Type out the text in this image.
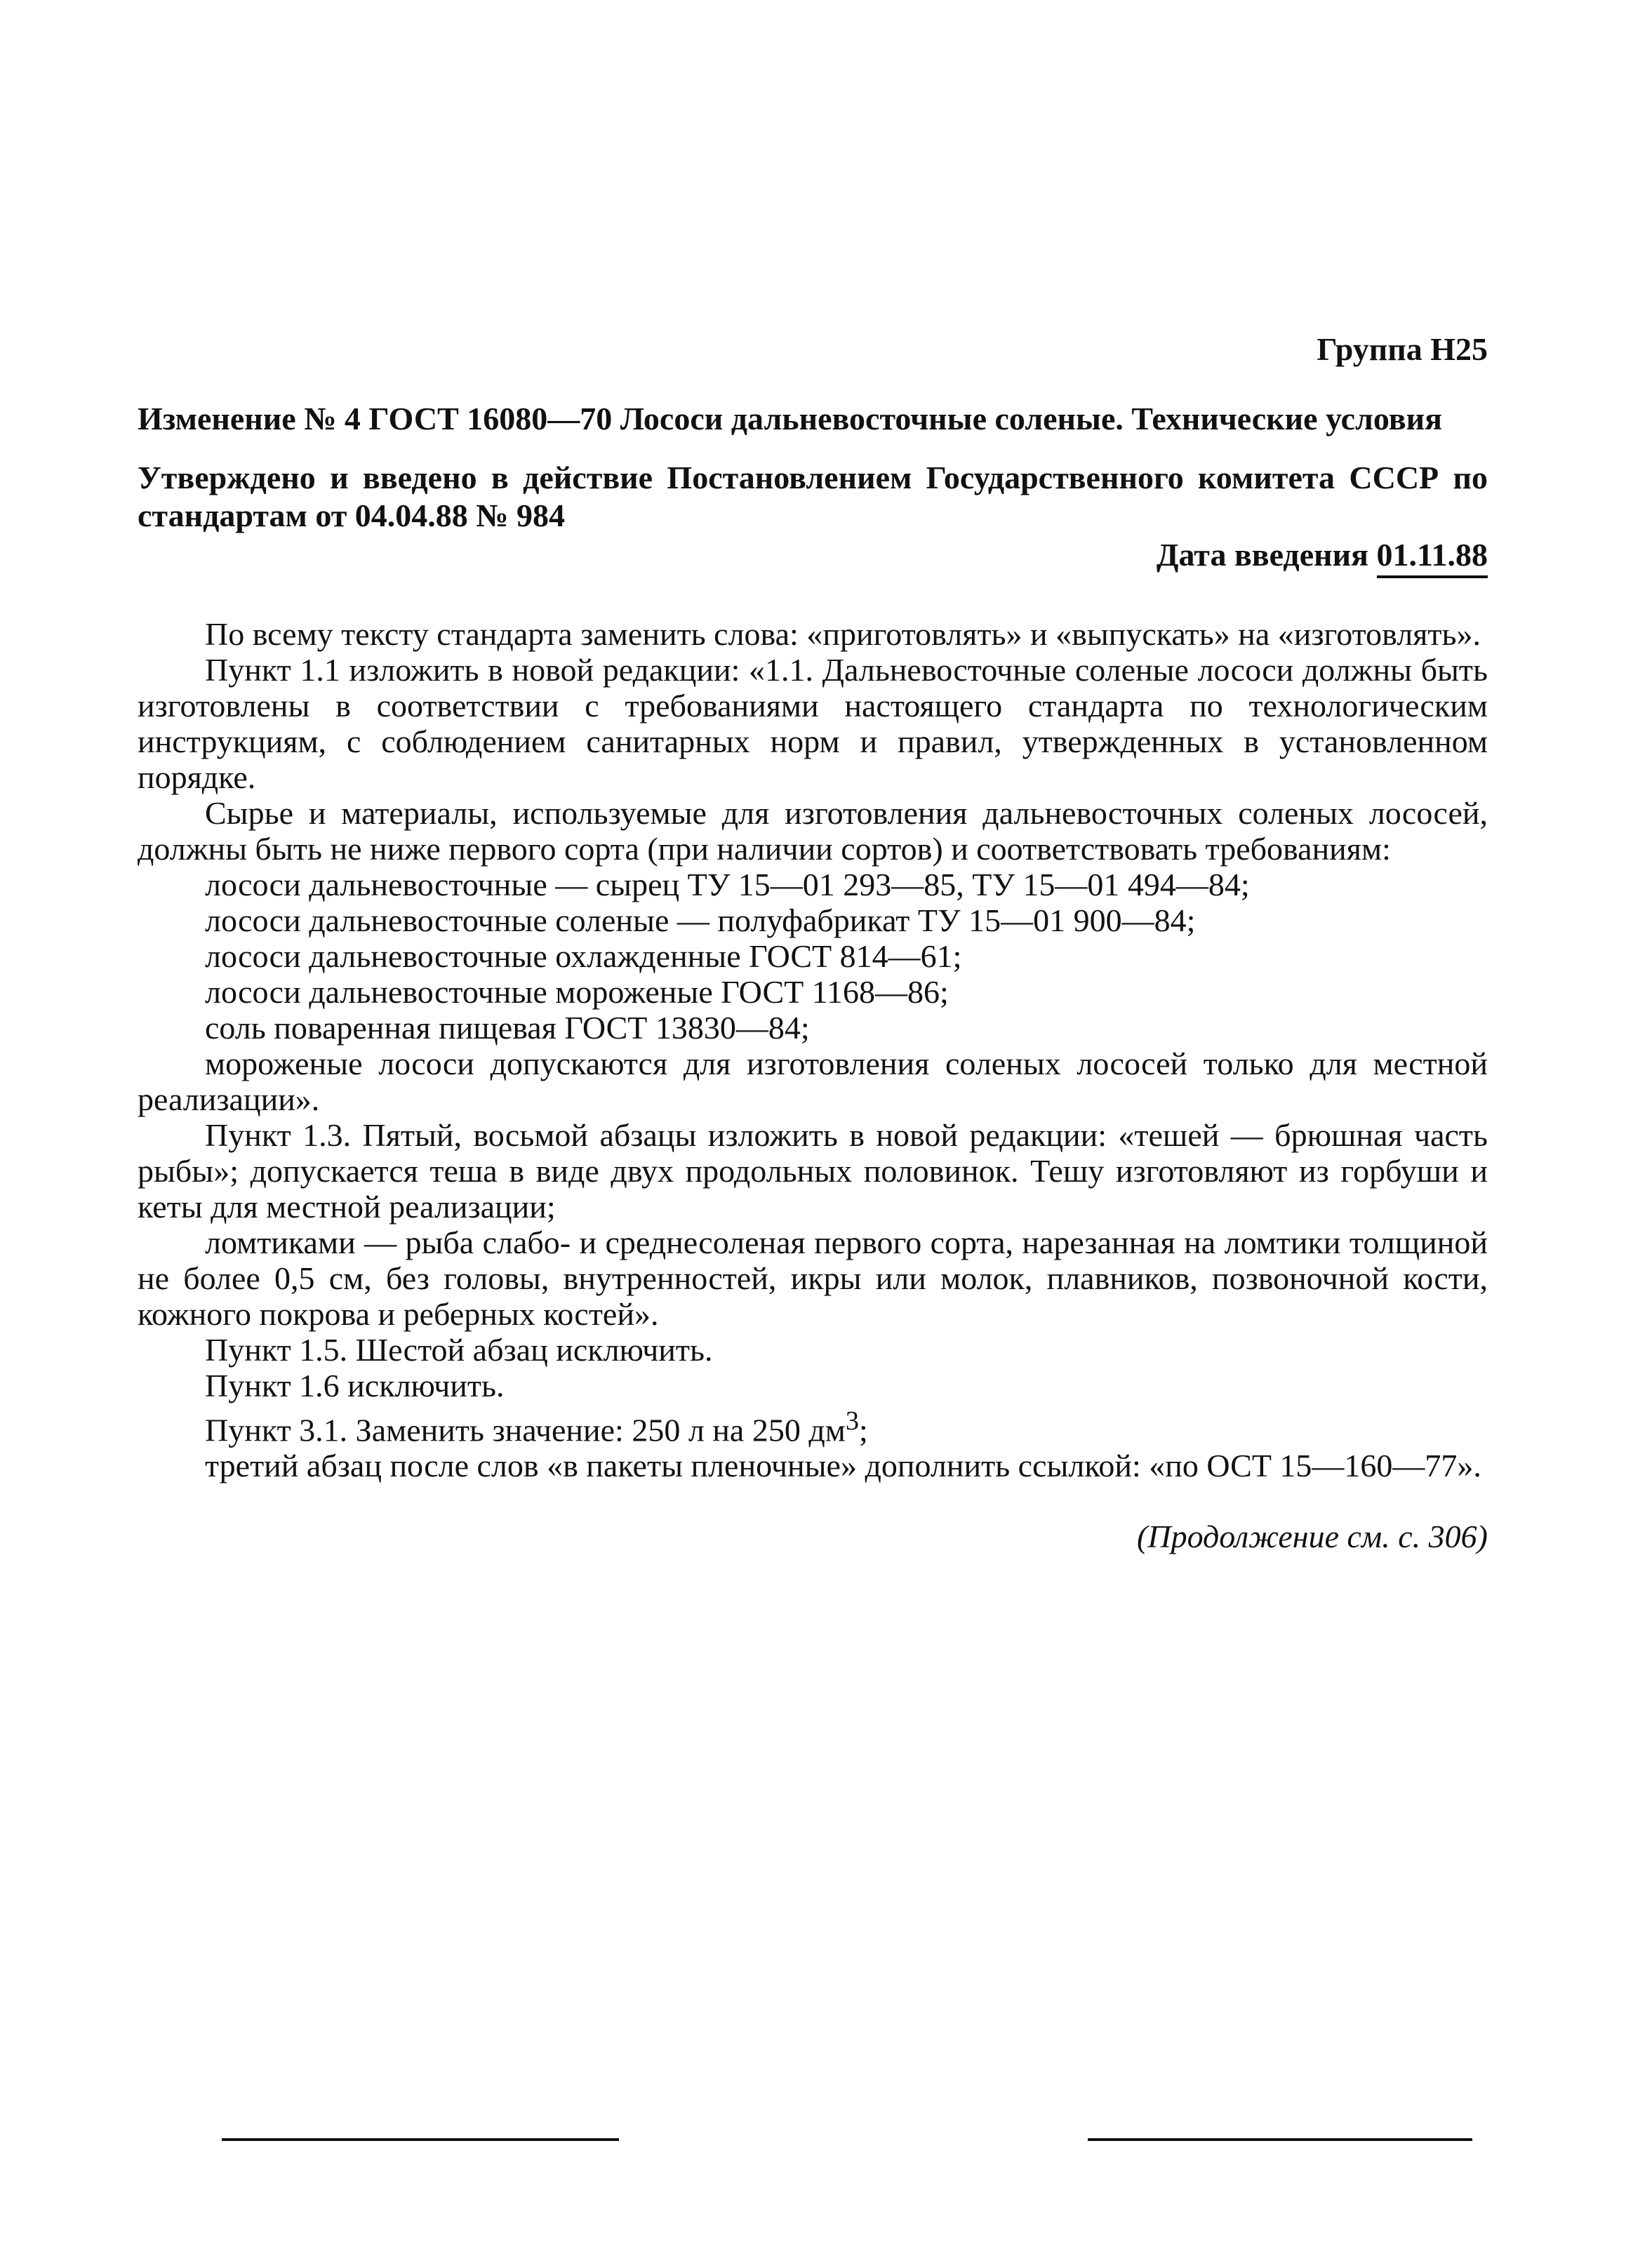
Группа Н25

Изменение № 4 ГОСТ 16080—70 Лососи дальневосточные соленые. Технические условия

Утверждено и введено в действие Постановлением Государственного комитета СССР по стандартам от 04.04.88 № 984

Дата введения 01.11.88

По всему тексту стандарта заменить слова: «приготовлять» и «выпускать» на «изготовлять».

Пункт 1.1 изложить в новой редакции: «1.1. Дальневосточные соленые лососи должны быть изготовлены в соответствии с требованиями настоящего стандарта по технологическим инструкциям, с соблюдением санитарных норм и правил, утвержденных в установленном порядке.

Сырье и материалы, используемые для изготовления дальневосточных соленых лососей, должны быть не ниже первого сорта (при наличии сортов) и соответствовать требованиям:

лососи дальневосточные — сырец ТУ 15—01 293—85, ТУ 15—01 494—84;

лососи дальневосточные соленые — полуфабрикат ТУ 15—01 900—84;

лососи дальневосточные охлажденные ГОСТ 814—61;

лососи дальневосточные мороженые ГОСТ 1168—86;

соль поваренная пищевая ГОСТ 13830—84;

мороженые лососи допускаются для изготовления соленых лососей только для местной реализации».

Пункт 1.3. Пятый, восьмой абзацы изложить в новой редакции: «тешей — брюшная часть рыбы»; допускается теша в виде двух продольных половинок. Тешу изготовляют из горбуши и кеты для местной реализации;

ломтиками — рыба слабо- и среднесоленая первого сорта, нарезанная на ломтики толщиной не более 0,5 см, без головы, внутренностей, икры или молок, плавников, позвоночной кости, кожного покрова и реберных костей».

Пункт 1.5. Шестой абзац исключить.

Пункт 1.6 исключить.

Пункт 3.1. Заменить значение: 250 л на 250 $дм^3$;

третий абзац после слов «в пакеты пленочные» дополнить ссылкой: «по ОСТ 15—160—77».

(Продолжение см. с. 306)
